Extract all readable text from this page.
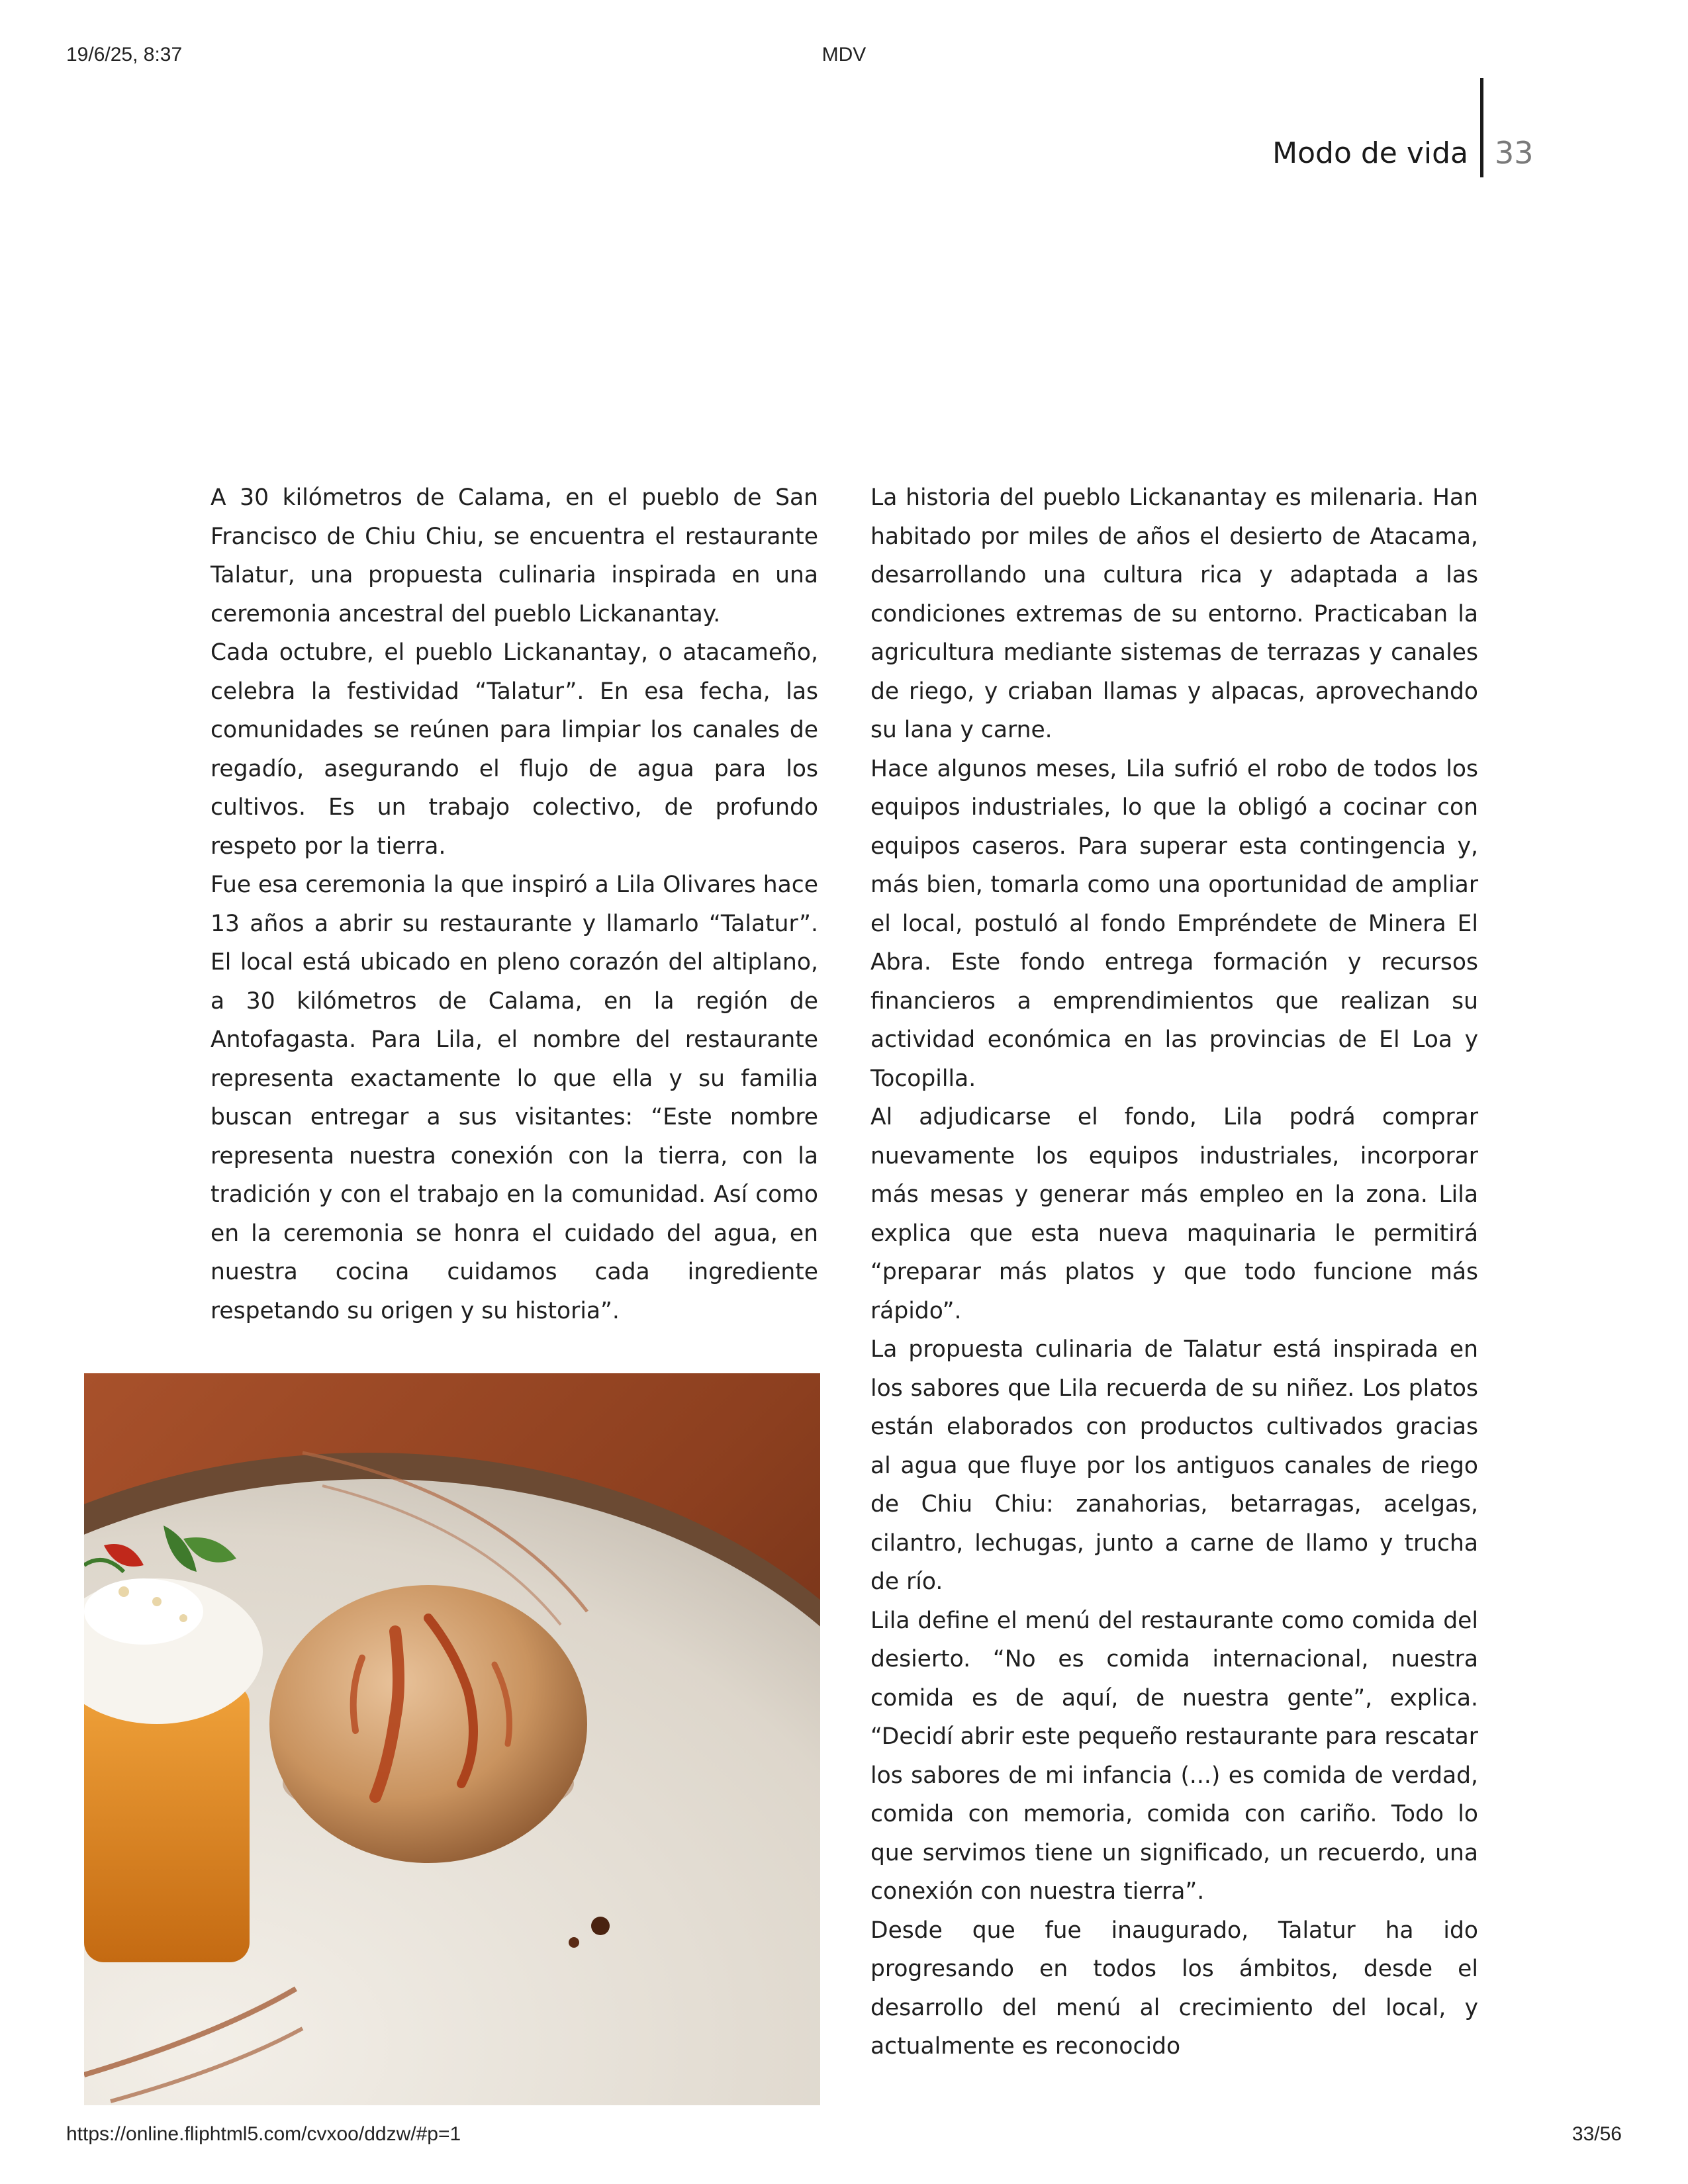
19/6/25, 8:37	MDV
Modo de vida 33

A 30 kilómetros de Calama, en el pueblo de San Francisco de Chiu Chiu, se encuentra el restaurante Talatur, una propuesta culinaria inspirada en una ceremonia ancestral del pueblo Lickanantay.

Cada octubre, el pueblo Lickanantay, o atacameño, celebra la festividad “Talatur”. En esa fecha, las comunidades se reúnen para limpiar los canales de regadío, asegurando el flujo de agua para los cultivos. Es un trabajo colectivo, de profundo respeto por la tierra.

Fue esa ceremonia la que inspiró a Lila Olivares hace 13 años a abrir su restaurante y llamarlo “Talatur”. El local está ubicado en pleno corazón del altiplano, a 30 kilómetros de Calama, en la región de Antofagasta. Para Lila, el nombre del restaurante representa exactamente lo que ella y su familia buscan entregar a sus visitantes: “Este nombre representa nuestra conexión con la tierra, con la tradición y con el trabajo en la comunidad. Así como en la ceremonia se honra el cuidado del agua, en nuestra cocina cuidamos cada ingrediente respetando su origen y su historia”.

La historia del pueblo Lickanantay es milenaria. Han habitado por miles de años el desierto de Atacama, desarrollando una cultura rica y adaptada a las condiciones extremas de su entorno. Practicaban la agricultura mediante sistemas de terrazas y canales de riego, y criaban llamas y alpacas, aprovechando su lana y carne.

Hace algunos meses, Lila sufrió el robo de todos los equipos industriales, lo que la obligó a cocinar con equipos caseros. Para superar esta contingencia y, más bien, tomarla como una oportunidad de ampliar el local, postuló al fondo Empréndete de Minera El Abra. Este fondo entrega formación y recursos financieros a emprendimientos que realizan su actividad económica en las provincias de El Loa y Tocopilla.

Al adjudicarse el fondo, Lila podrá comprar nuevamente los equipos industriales, incorporar más mesas y generar más empleo en la zona. Lila explica que esta nueva maquinaria le permitirá “preparar más platos y que todo funcione más rápido”.

La propuesta culinaria de Talatur está inspirada en los sabores que Lila recuerda de su niñez. Los platos están elaborados con productos cultivados gracias al agua que fluye por los antiguos canales de riego de Chiu Chiu: zanahorias, betarragas, acelgas, cilantro, lechugas, junto a carne de llamo y trucha de río.

Lila define el menú del restaurante como comida del desierto. “No es comida internacional, nuestra comida es de aquí, de nuestra gente”, explica. “Decidí abrir este pequeño restaurante para rescatar los sabores de mi infancia (...) es comida de verdad, comida con memoria, comida con cariño. Todo lo que servimos tiene un significado, un recuerdo, una conexión con nuestra tierra”.

Desde que fue inaugurado, Talatur ha ido progresando en todos los ámbitos, desde el desarrollo del menú al crecimiento del local, y actualmente es reconocido

https://online.fliphtml5.com/cvxoo/ddzw/#p=1	33/56
